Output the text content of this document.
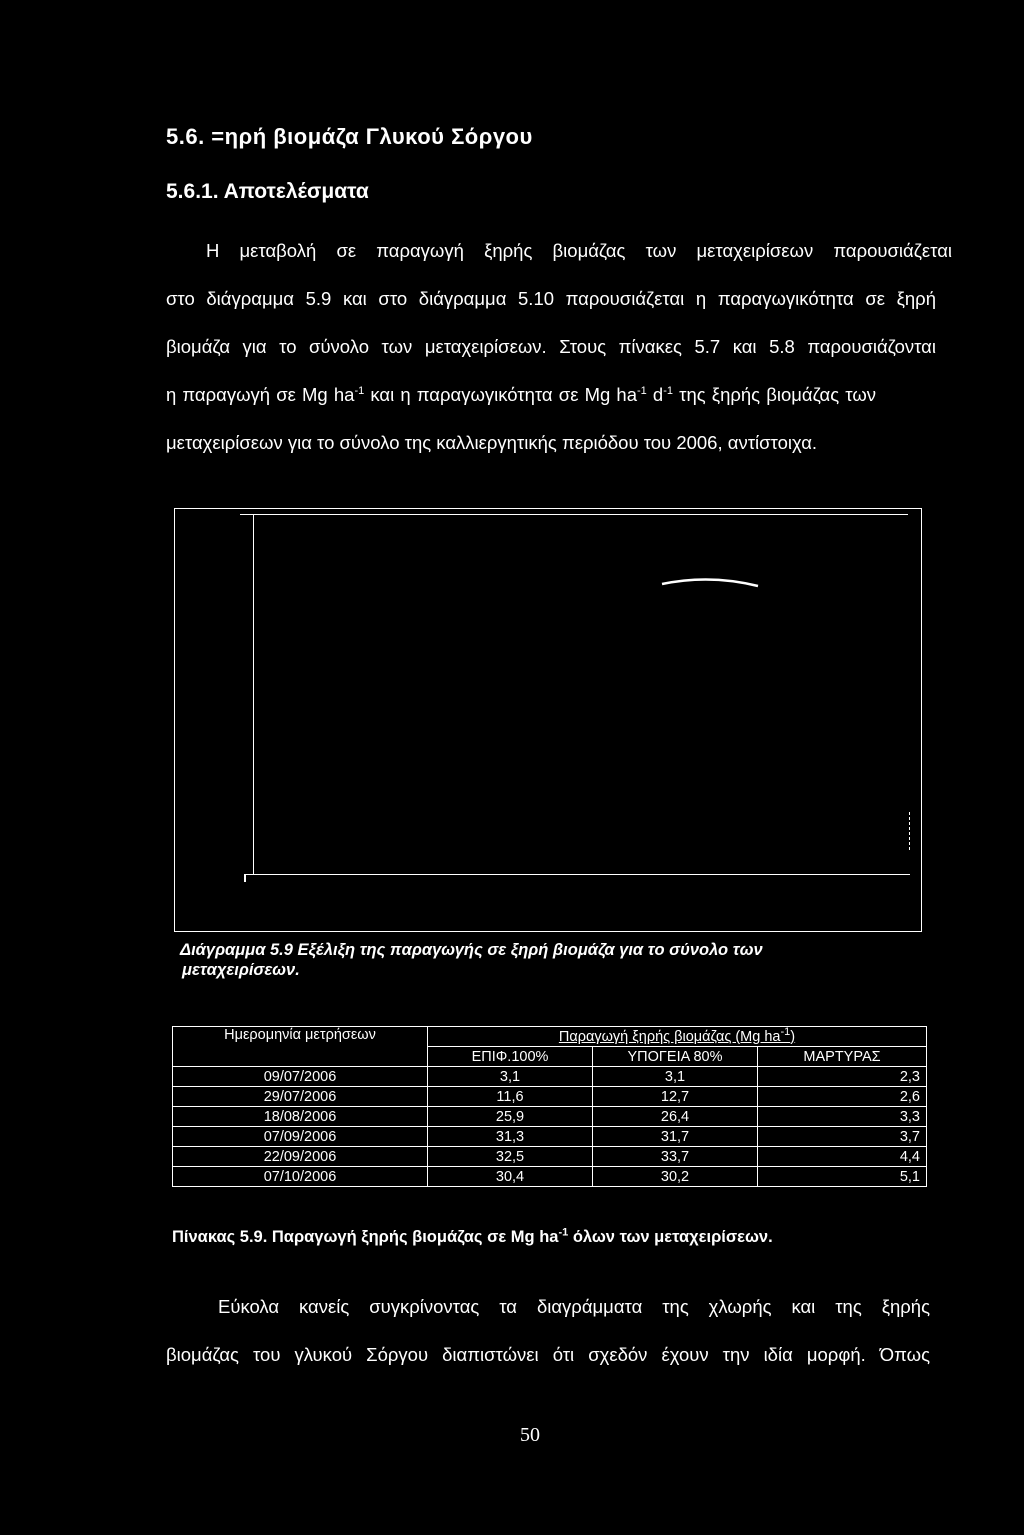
5.6. =ηρή βιομάζα Γλυκού Σόργου
5.6.1. Αποτελέσματα
Η μεταβολή σε παραγωγή ξηρής βιομάζας των μεταχειρίσεων παρουσιάζεται
στο διάγραμμα 5.9 και στο διάγραμμα 5.10 παρουσιάζεται η παραγωγικότητα σε ξηρή
βιομάζα για το σύνολο των μεταχειρίσεων. Στους πίνακες 5.7 και 5.8 παρουσιάζονται
η παραγωγή σε Mg $ha^{-1}$ και η παραγωγικότητα σε Mg $ha^{-1}$ $d^{-1}$ της ξηρής βιομάζας των
μεταχειρίσεων για το σύνολο της καλλιεργητικής περιόδου του 2006, αντίστοιχα.
Διάγραμμα 5.9 Εξέλιξη της παραγωγής σε ξηρή βιομάζα για το σύνολο των
μεταχειρίσεων.
Ημερομηνία μετρήσεων	Παραγωγή ξηρής βιομάζας (Mg $ha^{-1}$)		
	ΕΠΙΦ.100%	ΥΠΟΓΕΙΑ 80%	ΜΑΡΤΥΡΑΣ
09/07/2006	3,1	3,1	2,3
29/07/2006	11,6	12,7	2,6
18/08/2006	25,9	26,4	3,3
07/09/2006	31,3	31,7	3,7
22/09/2006	32,5	33,7	4,4
07/10/2006	30,4	30,2	5,1
Πίνακας 5.9. Παραγωγή ξηρής βιομάζας σε Mg $ha^{-1}$ όλων των μεταχειρίσεων.
Εύκολα κανείς συγκρίνοντας τα διαγράμματα της χλωρής και της ξηρής
βιομάζας του γλυκού Σόργου διαπιστώνει ότι σχεδόν έχουν την ιδία μορφή. Όπως
50
